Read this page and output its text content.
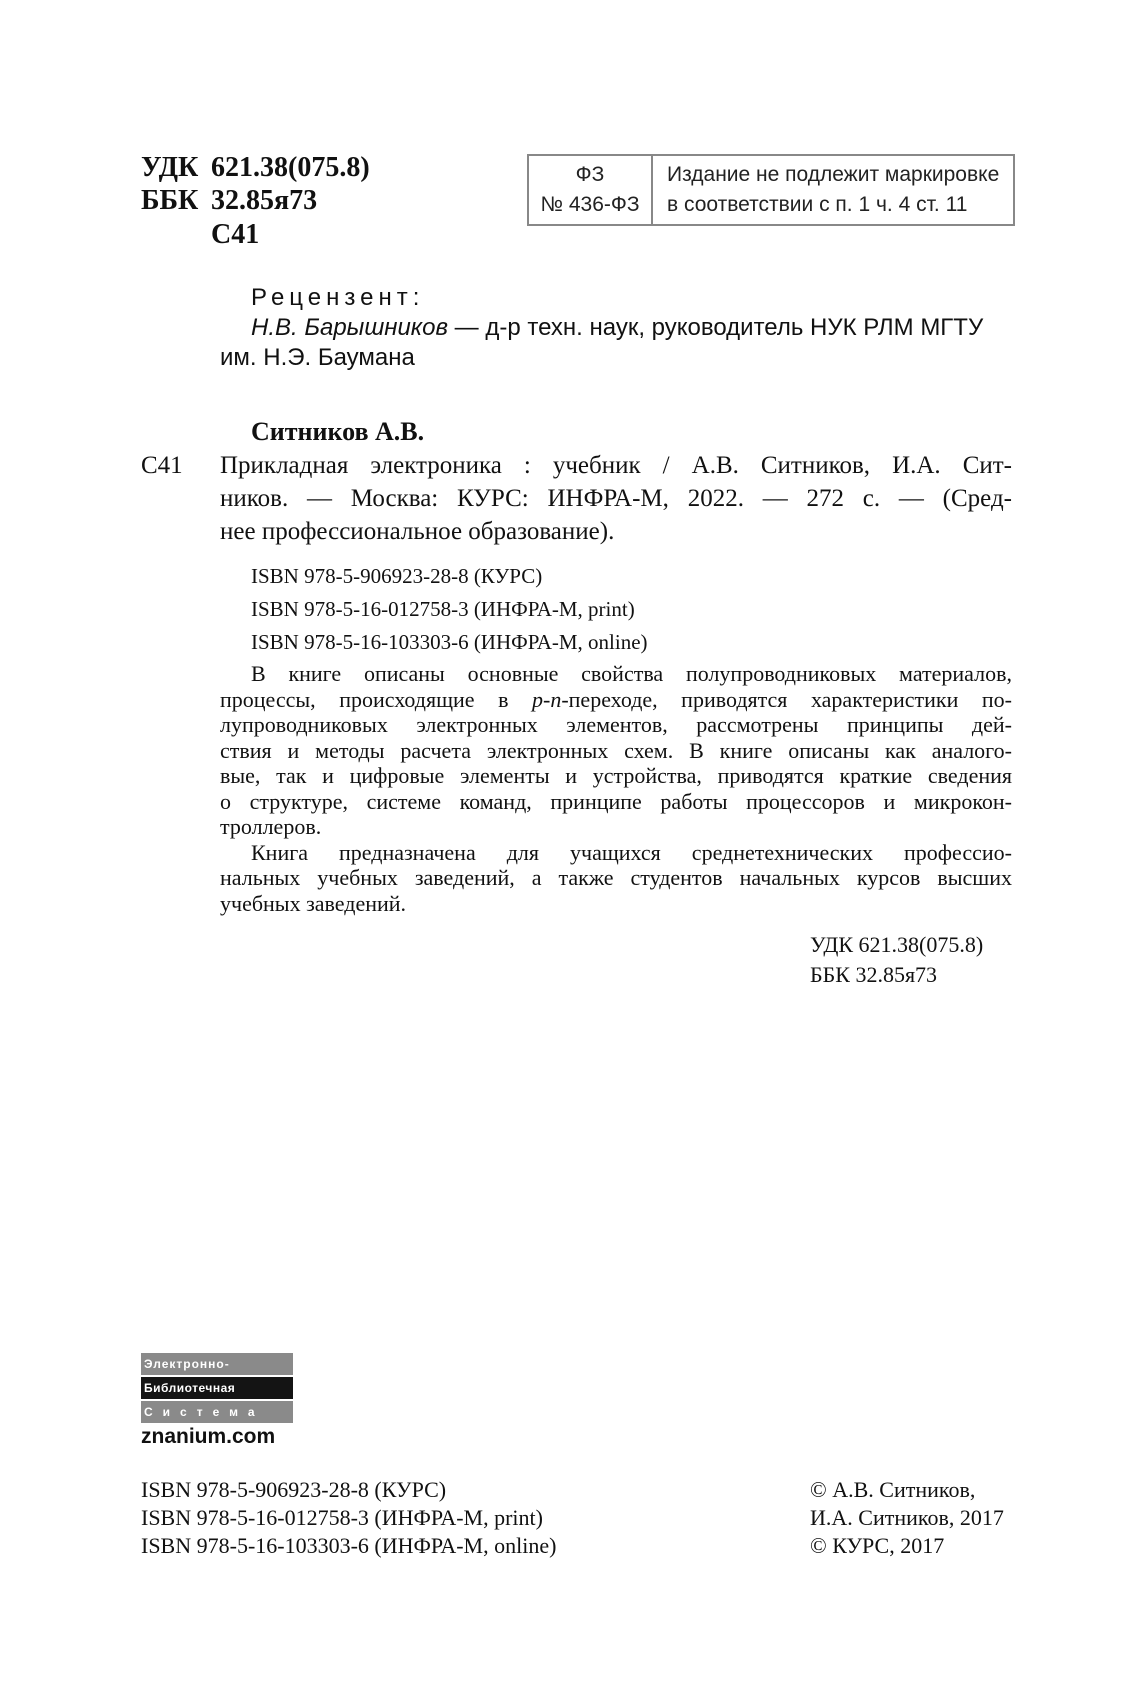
УДК 621.38(075.8)
ББК 32.85я73
С41
ФЗ
№ 436-ФЗ
Издание не подлежит маркировке
в соответствии с п. 1 ч. 4 ст. 11
Рецензент:
Н.В. Барышников — д-р техн. наук, руководитель НУК РЛМ МГТУ
им. Н.Э. Баумана
Ситников А.В.
С41 Прикладная электроника : учебник / А.В. Ситников, И.А. Сит-
ников. — Москва: КУРС: ИНФРА-М, 2022. — 272 с. — (Сред-
нее профессиональное образование).
ISBN 978-5-906923-28-8 (КУРС)
ISBN 978-5-16-012758-3 (ИНФРА-М, print)
ISBN 978-5-16-103303-6 (ИНФРА-М, online)
В книге описаны основные свойства полупроводниковых материалов,
процессы, происходящие в p-n-переходе, приводятся характеристики по-
лупроводниковых электронных элементов, рассмотрены принципы дей-
ствия и методы расчета электронных схем. В книге описаны как аналого-
вые, так и цифровые элементы и устройства, приводятся краткие сведения
о структуре, системе команд, принципе работы процессоров и микрокон-
троллеров.
Книга предназначена для учащихся среднетехнических профессио-
нальных учебных заведений, а также студентов начальных курсов высших
учебных заведений.
УДК 621.38(075.8)
ББК 32.85я73
Электронно-
Библиотечная
Система
znanium.com
ISBN 978-5-906923-28-8 (КУРС)
ISBN 978-5-16-012758-3 (ИНФРА-М, print)
ISBN 978-5-16-103303-6 (ИНФРА-М, online)
© А.В. Ситников,
И.А. Ситников, 2017
© КУРС, 2017
